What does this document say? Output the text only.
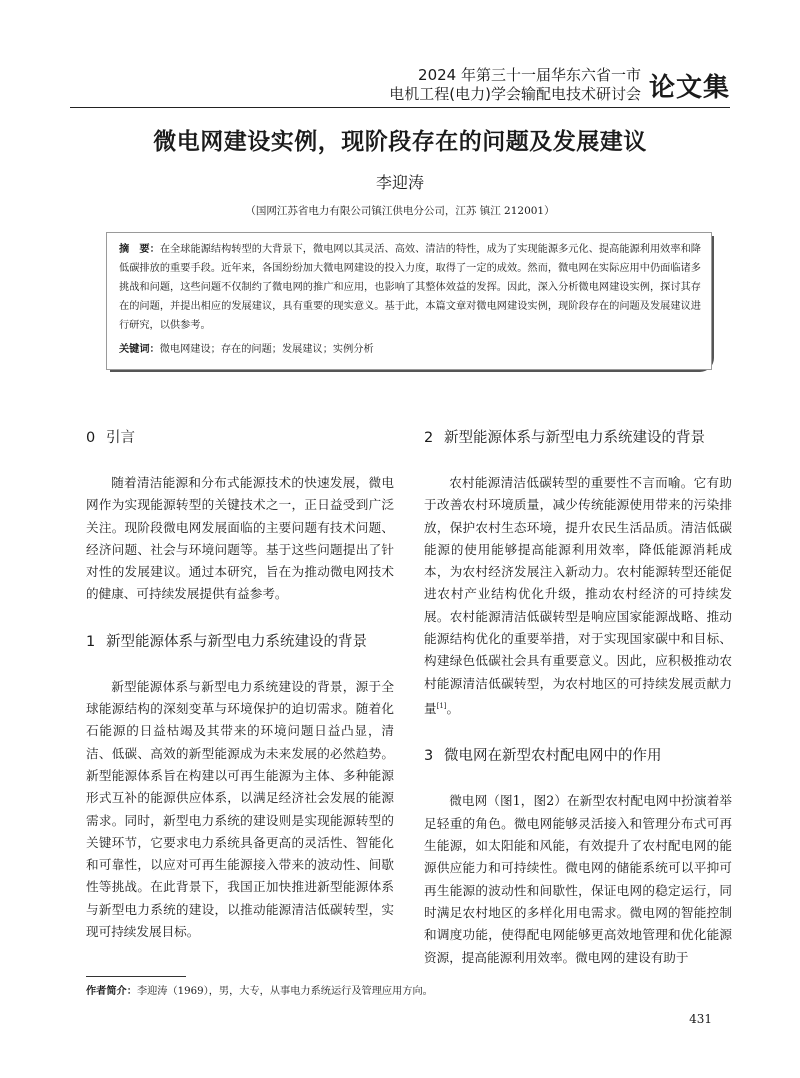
2024 年第三十一届华东六省一市
电机工程(电力)学会输配电技术研讨会 论文集
微电网建设实例，现阶段存在的问题及发展建议
李迎涛
（国网江苏省电力有限公司镇江供电分公司，江苏 镇江 212001）
摘　要：在全球能源结构转型的大背景下，微电网以其灵活、高效、清洁的特性，成为了实现能源多元化、提高能源利用效率和降低碳排放的重要手段。近年来，各国纷纷加大微电网建设的投入力度，取得了一定的成效。然而，微电网在实际应用中仍面临诸多挑战和问题，这些问题不仅制约了微电网的推广和应用，也影响了其整体效益的发挥。因此，深入分析微电网建设实例，探讨其存在的问题，并提出相应的发展建议，具有重要的现实意义。基于此，本篇文章对微电网建设实例，现阶段存在的问题及发展建议进行研究，以供参考。
关键词：微电网建设；存在的问题；发展建议；实例分析
0 引言

随着清洁能源和分布式能源技术的快速发展，微电网作为实现能源转型的关键技术之一，正日益受到广泛关注。现阶段微电网发展面临的主要问题有技术问题、经济问题、社会与环境问题等。基于这些问题提出了针对性的发展建议。通过本研究，旨在为推动微电网技术的健康、可持续发展提供有益参考。

1 新型能源体系与新型电力系统建设的背景

新型能源体系与新型电力系统建设的背景，源于全球能源结构的深刻变革与环境保护的迫切需求。随着化石能源的日益枯竭及其带来的环境问题日益凸显，清洁、低碳、高效的新型能源成为未来发展的必然趋势。新型能源体系旨在构建以可再生能源为主体、多种能源形式互补的能源供应体系，以满足经济社会发展的能源需求。同时，新型电力系统的建设则是实现能源转型的关键环节，它要求电力系统具备更高的灵活性、智能化和可靠性，以应对可再生能源接入带来的波动性、间歇性等挑战。在此背景下，我国正加快推进新型能源体系与新型电力系统的建设，以推动能源清洁低碳转型，实现可持续发展目标。

2 新型能源体系与新型电力系统建设的背景

农村能源清洁低碳转型的重要性不言而喻。它有助于改善农村环境质量，减少传统能源使用带来的污染排放，保护农村生态环境，提升农民生活品质。清洁低碳能源的使用能够提高能源利用效率，降低能源消耗成本，为农村经济发展注入新动力。农村能源转型还能促进农村产业结构优化升级，推动农村经济的可持续发展。农村能源清洁低碳转型是响应国家能源战略、推动能源结构优化的重要举措，对于实现国家碳中和目标、构建绿色低碳社会具有重要意义。因此，应积极推动农村能源清洁低碳转型，为农村地区的可持续发展贡献力量[1]。

3 微电网在新型农村配电网中的作用

微电网（图1，图2）在新型农村配电网中扮演着举足轻重的角色。微电网能够灵活接入和管理分布式可再生能源，如太阳能和风能，有效提升了农村配电网的能源供应能力和可持续性。微电网的储能系统可以平抑可再生能源的波动性和间歇性，保证电网的稳定运行，同时满足农村地区的多样化用电需求。微电网的智能控制和调度功能，使得配电网能够更高效地管理和优化能源资源，提高能源利用效率。微电网的建设有助于

作者简介：李迎涛（1969），男，大专，从事电力系统运行及管理应用方向。
431
